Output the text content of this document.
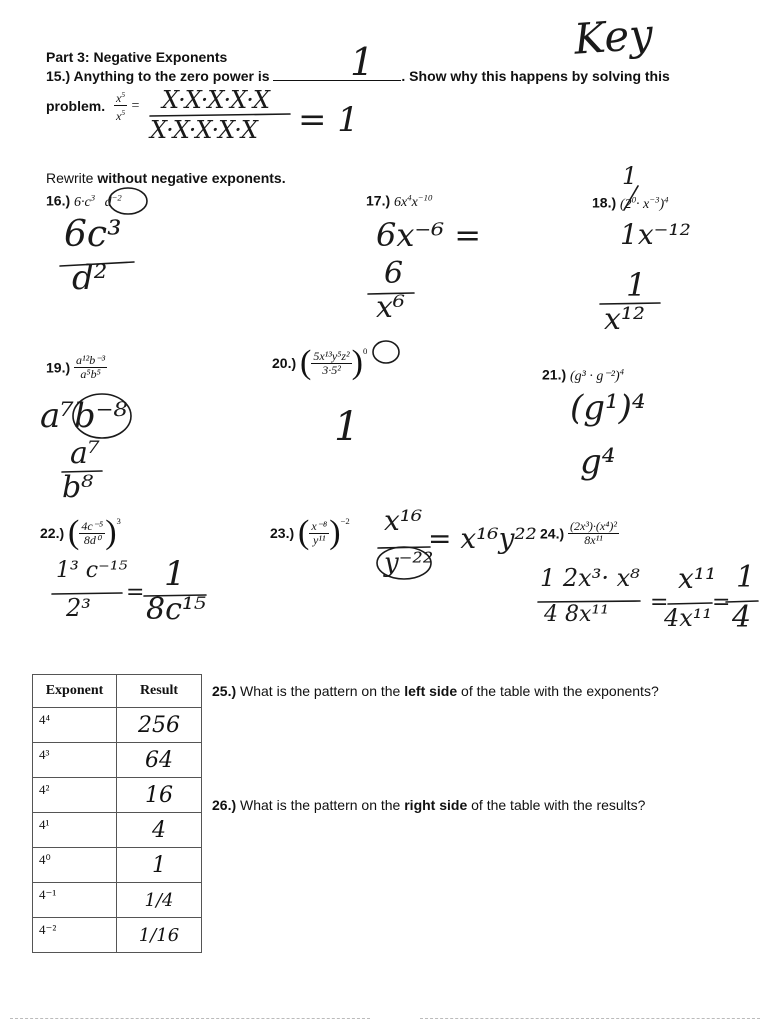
Key
Part 3: Negative Exponents
15.) Anything to the zero power is	. Show why this happens by solving this
1
problem. $\frac{x^5}{x^5} = X\cdot X\cdot X\cdot X\cdot X$
X·X·X·X·X = 1
Rewrite without negative exponents.
16.) $6\cdot c^3$ $d^{-2}$
6c³
d²
17.) $6x^4x^{-10}$
6x⁻⁶ =
6
x⁶
18.) $(2^0\cdot x^{-3})^4$
1
1x⁻¹²
1
x¹²
$19.) \frac{\text{a¹²b⁻³}}{\text{a⁵b⁵}}$
a⁷b⁻⁸
a⁷
b⁸
20.) ( $\frac{\text{5x¹³y⁵z²}}{\text{3·5²}} )^0$
1
21.) $(g^3 \cdot g^{-2})^4$
(g¹)⁴
g⁴
22.) ( $\frac{\text{4c⁻⁵}}{\text{8d⁰}} )^3$
1³ c⁻¹⁵
2³
= 1
8c¹⁵
23.) ( $\frac{\text{x⁻⁸}}{\text{y¹¹}} )^{-2}$ x¹⁶
y⁻²²
= x¹⁶y²² $24.) \frac{\text{(2x³)·(x⁴)²}}{\text{8x¹¹}}$
1 2x³· x⁸
4 8x¹¹ =
x¹¹
4x¹¹
=
1
4
Exponent	Result
4⁴	256
4³	64
4²	16
4¹	4
4⁰	1
4⁻¹	1/4
4⁻²	1/16
25.) What is the pattern on the left side of the table with the exponents?
26.) What is the pattern on the right side of the table with the results?
